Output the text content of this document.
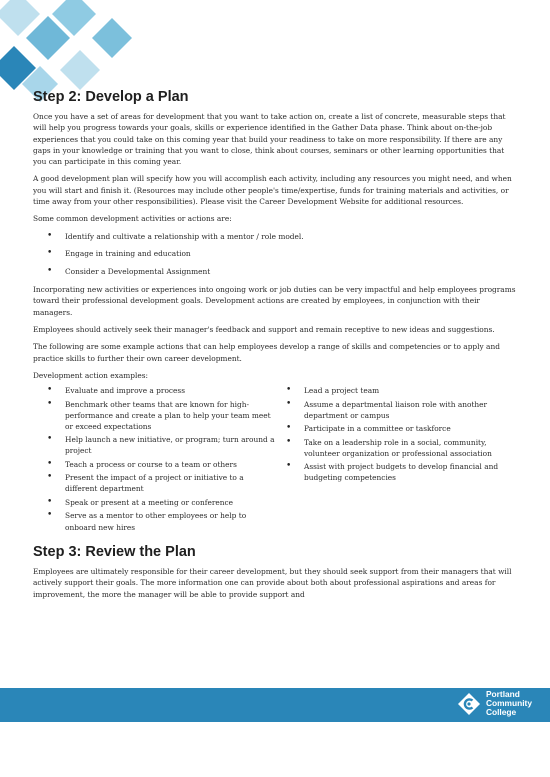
Step 2: Develop a Plan

Once you have a set of areas for development that you want to take action on, create a list of concrete, measurable steps that will help you progress towards your goals, skills or experience identified in the Gather Data phase. Think about on-the-job experiences that you could take on this coming year that build your readiness to take on more responsibility. If there are any gaps in your knowledge or training that you want to close, think about courses, seminars or other learning opportunities that you can participate in this coming year.

A good development plan will specify how you will accomplish each activity, including any resources you might need, and when you will start and finish it. (Resources may include other people's time/expertise, funds for training materials and activities, or time away from your other responsibilities). Please visit the Career Development Website for additional resources.

Some common development activities or actions are:

• Identify and cultivate a relationship with a mentor / role model.
• Engage in training and education
• Consider a Developmental Assignment

Incorporating new activities or experiences into ongoing work or job duties can be very impactful and help employees programs toward their professional development goals. Development actions are created by employees, in conjunction with their managers.

Employees should actively seek their manager's feedback and support and remain receptive to new ideas and suggestions.

The following are some example actions that can help employees develop a range of skills and competencies or to apply and practice skills to further their own career development.

Development action examples:

• Evaluate and improve a process
• Benchmark other teams that are known for high-performance and create a plan to help your team meet or exceed expectations
• Help launch a new initiative, or program; turn around a project
• Teach a process or course to a team or others
• Present the impact of a project or initiative to a different department
• Speak or present at a meeting or conference
• Serve as a mentor to other employees or help to onboard new hires
• Lead a project team
• Assume a departmental liaison role with another department or campus
• Participate in a committee or taskforce
• Take on a leadership role in a social, community, volunteer organization or professional association
• Assist with project budgets to develop financial and budgeting competencies
Step 3: Review the Plan

Employees are ultimately responsible for their career development, but they should seek support from their managers that will actively support their goals. The more information one can provide about both about professional aspirations and areas for improvement, the more the manager will be able to provide support and

Portland
Community
College
